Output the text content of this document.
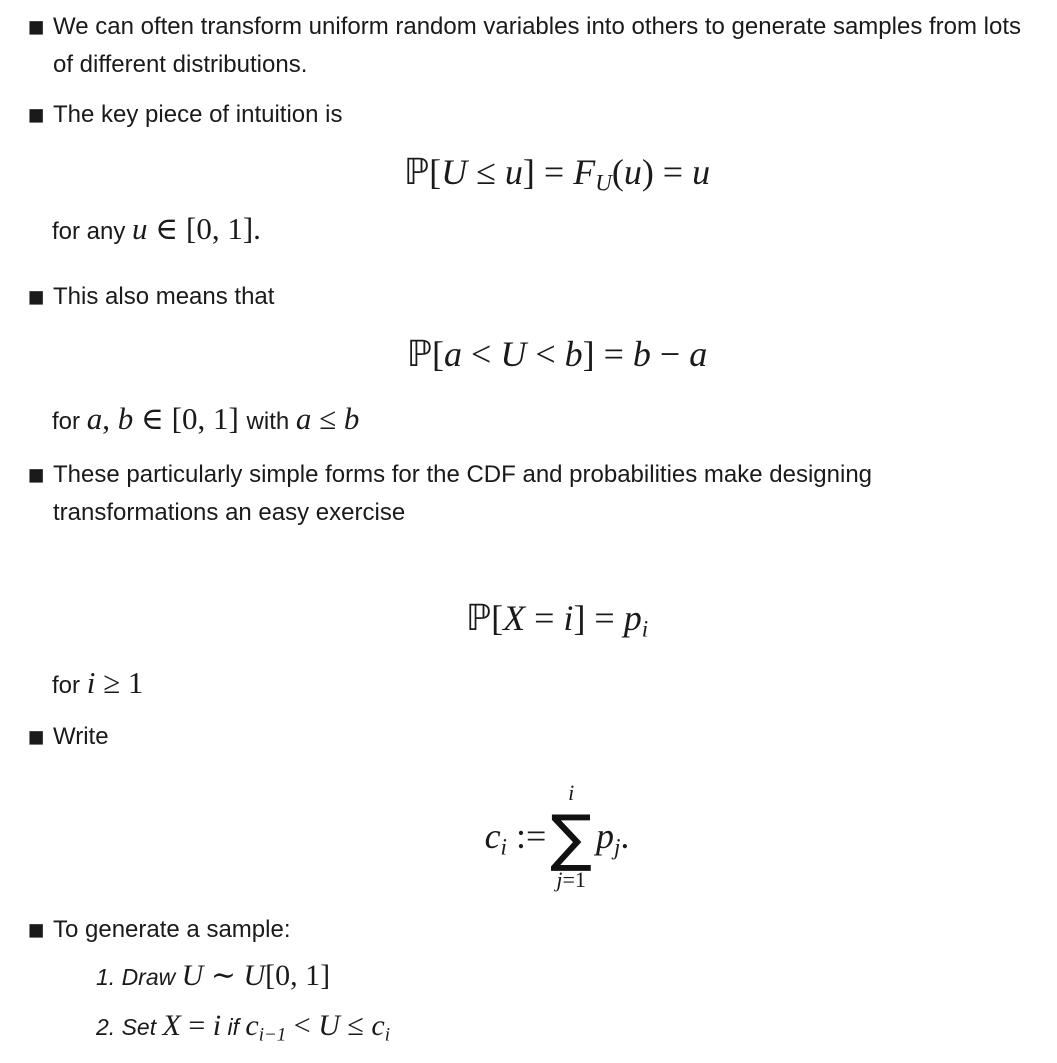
▪ We can often transform uniform random variables into others to generate samples from lots of different distributions.
▪ The key piece of intuition is
ℙ[U ≤ u] = FU(u) = u
for any u ∈ [0, 1].
▪ This also means that
ℙ[a < U < b] = b − a
for a, b ∈ [0, 1] with a ≤ b
▪ These particularly simple forms for the CDF and probabilities make designing transformations an easy exercise
ℙ[X = i] = pi
for i ≥ 1
▪ Write
ci :=
i
∑
j=1
pj.
▪ To generate a sample:
1. Draw U ∼ U[0, 1]
2. Set X = i if $c_{i-1} < U \le c_i$
